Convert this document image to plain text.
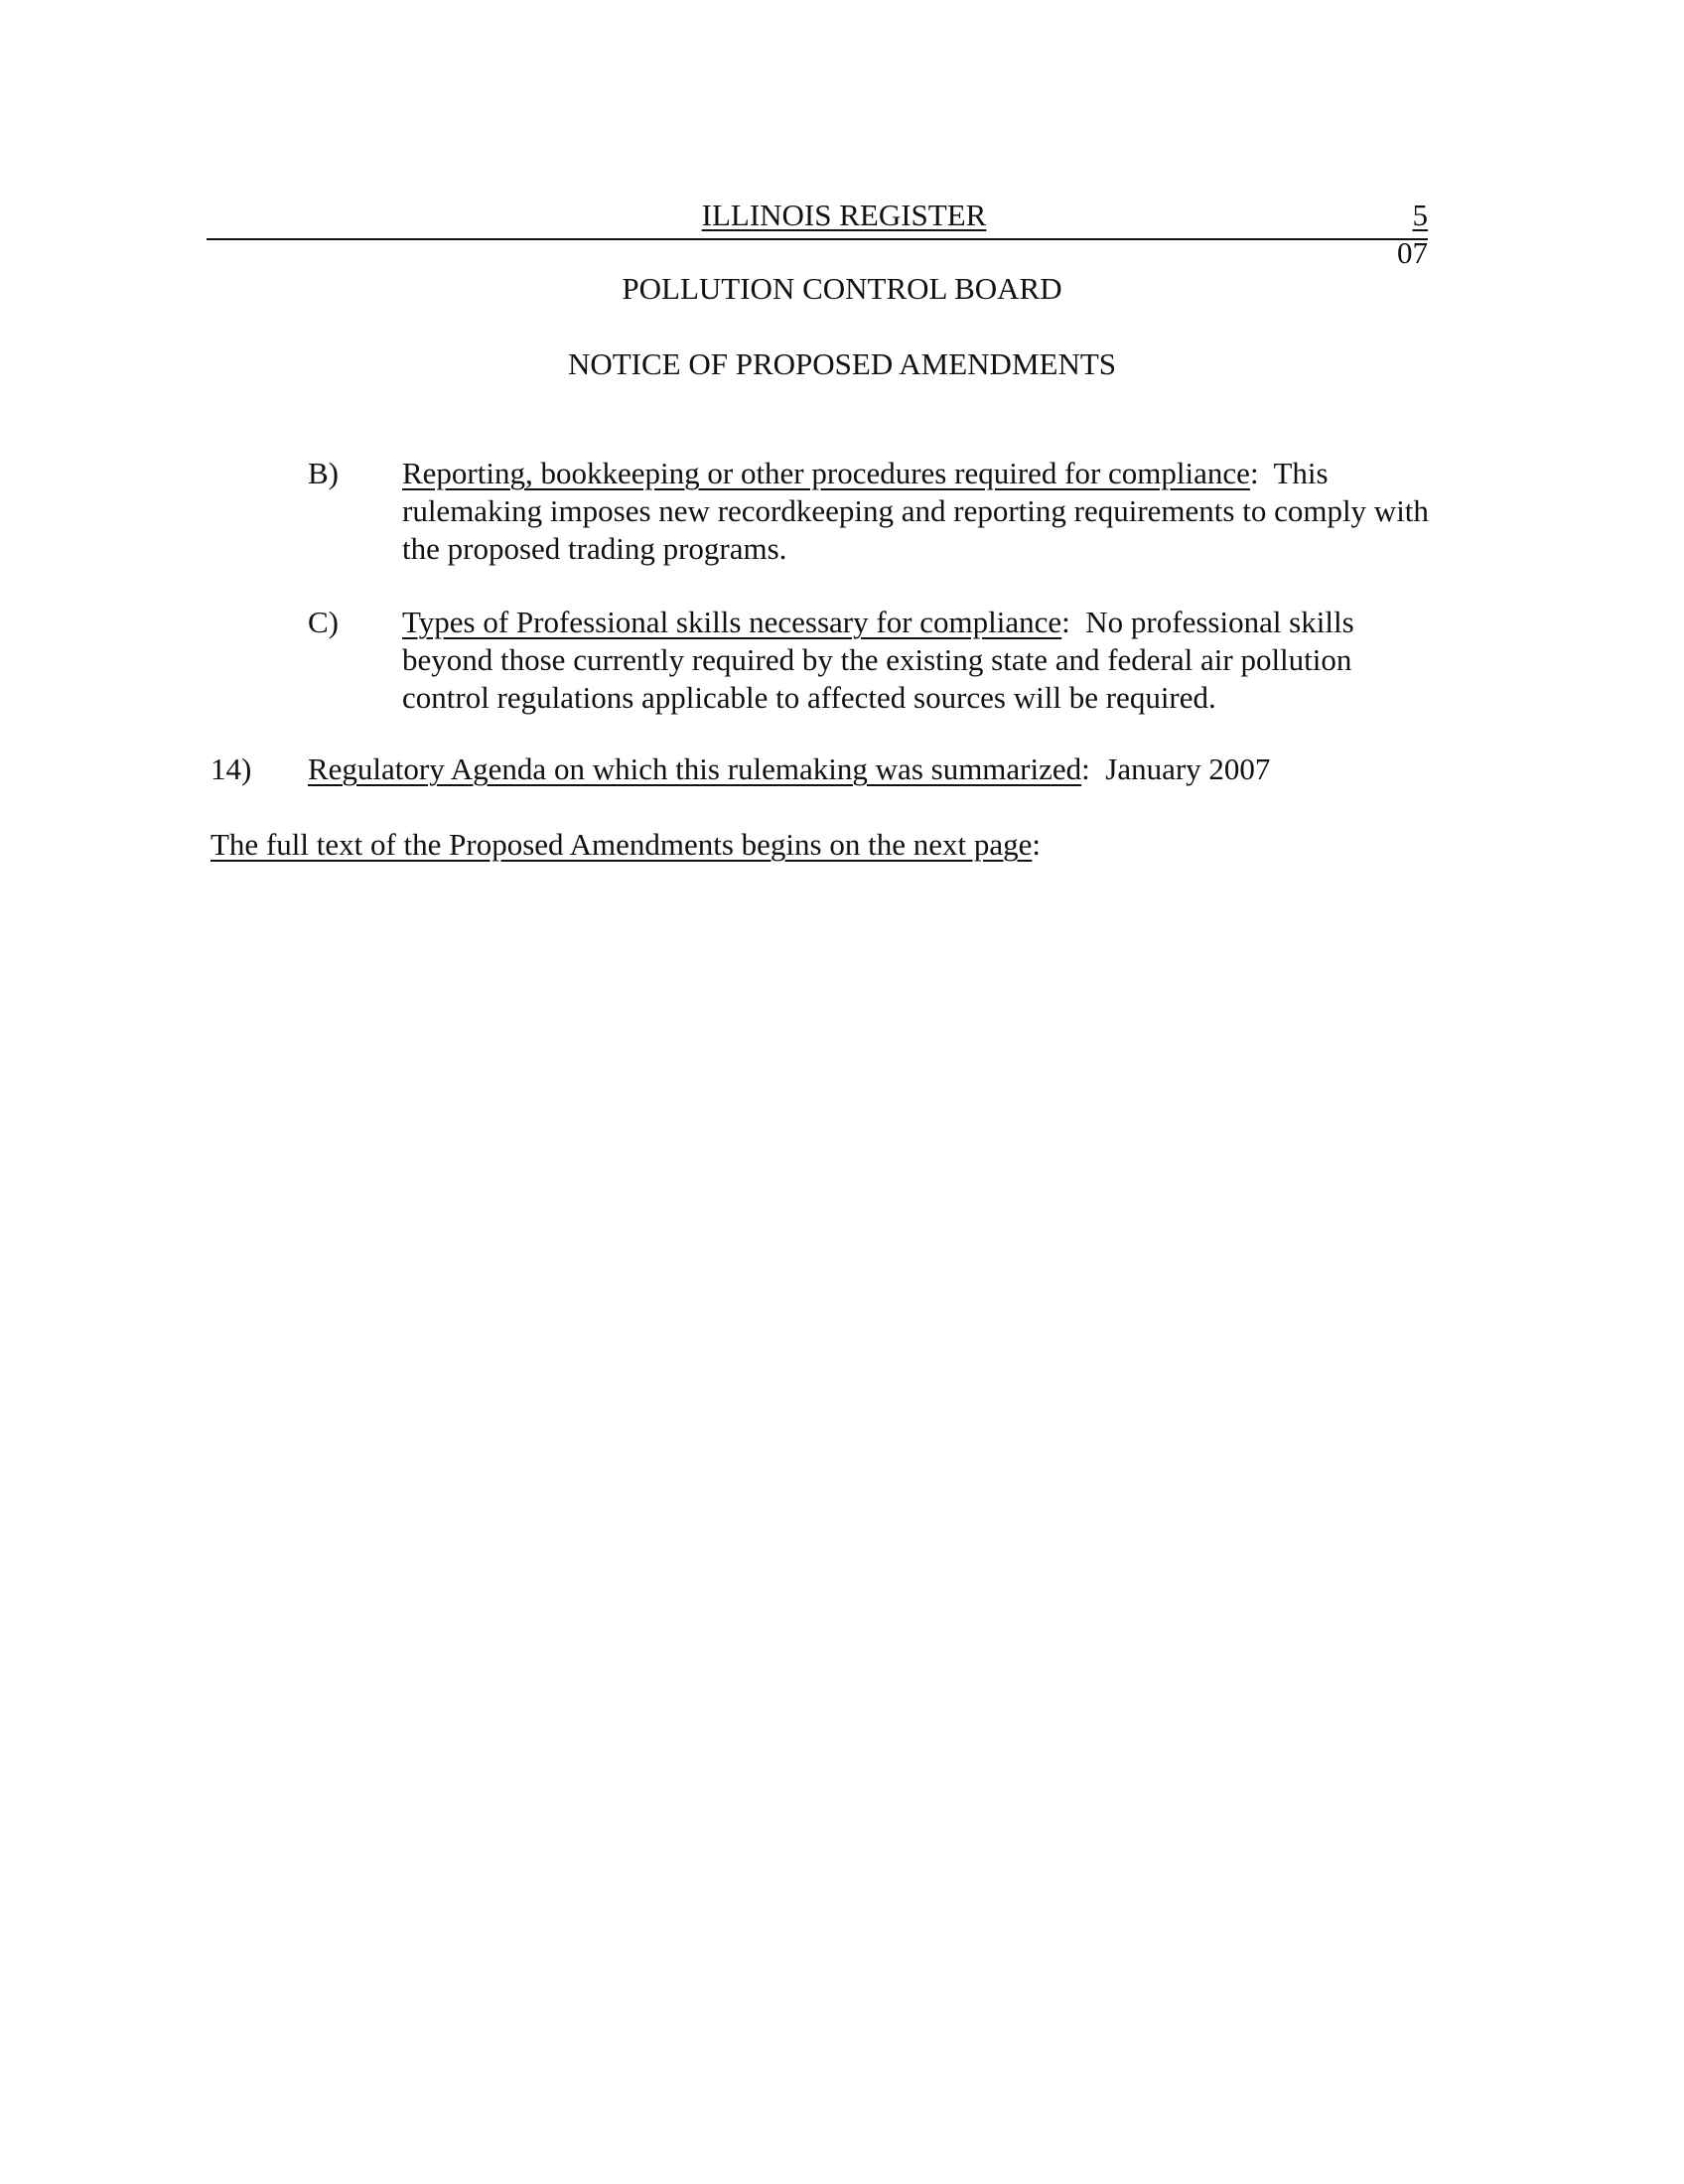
ILLINOIS REGISTER	5
07
POLLUTION CONTROL BOARD
NOTICE OF PROPOSED AMENDMENTS
B) Reporting, bookkeeping or other procedures required for compliance:  This rulemaking imposes new recordkeeping and reporting requirements to comply with the proposed trading programs.
C) Types of Professional skills necessary for compliance:  No professional skills beyond those currently required by the existing state and federal air pollution control regulations applicable to affected sources will be required.
14) Regulatory Agenda on which this rulemaking was summarized:  January 2007
The full text of the Proposed Amendments begins on the next page:
